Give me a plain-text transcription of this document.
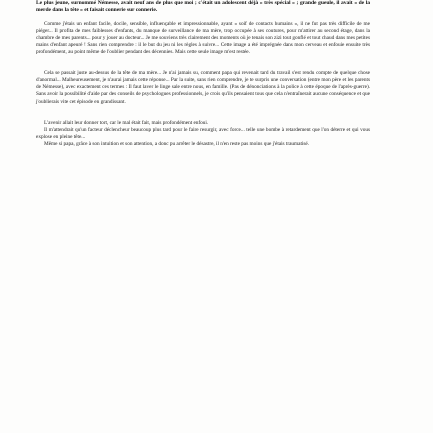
Le plus jeune, surnommé Némesse, avait neuf ans de plus que moi ; c'était un adolescent déjà « très spécial » ; grande gueule, il avait « de la merde dans la tête » et faisait connerie sur connerie.

Comme j'étais un enfant facile, docile, sensible, influençable et impressionnable, ayant « soif de contacts humains », il ne fut pas très difficile de me piéger... Il profita de mes faiblesses d'enfants, du manque de surveillance de ma mère, trop occupée à ses coutures, pour m'attirer au second étage, dans la chambre de mes parents... pour y jouer au docteur... Je me souviens très clairement des moments où je tenais son zizi tout gonflé et tout chaud dans mes petites mains d'enfant apeuré ! Sans rien comprendre : il le but du jeu ni les règles à suivre... Cette image a été imprégnée dans mon cerveau et enfouie ensuite très profondément, au point même de l'oublier pendant des décennies. Mais cette seule image m'est restée.

Cela se passait juste au-dessus de la tête de ma mère... Je n'ai jamais su, comment papa qui revenait tard du travail s'est rendu compte de quelque chose d'anormal... Malheureusement, je n'aurai jamais cette réponse... Par la suite, sans rien comprendre, je te surpris une conversation (entre mon père et les parents de Némesse), avec exactement ces termes : Il faut laver le linge sale entre nous, en famille. (Pas de dénonciations à la police à cette époque de l'après-guerre). Sans avoir la possibilité d'aide par des conseils de psychologues professionnels, je crois qu'ils pensaient tous que cela n'entraînerait aucune conséquence et que j'oublierais vite cet épisode en grandissant.

L'avenir allait leur donner tort, car le mal était fait, mais profondément enfoui.

Il m'attendrait qu'un facteur déclencheur beaucoup plus tard pour le faire resurgir, avec force... telle une bombe à retardement que l'on déterre et qui vous explose en pleine tête...

Même si papa, grâce à son intuition et son attention, a donc pu arrêter le désastre, il n'en reste pas moins que j'étais traumatisé.
